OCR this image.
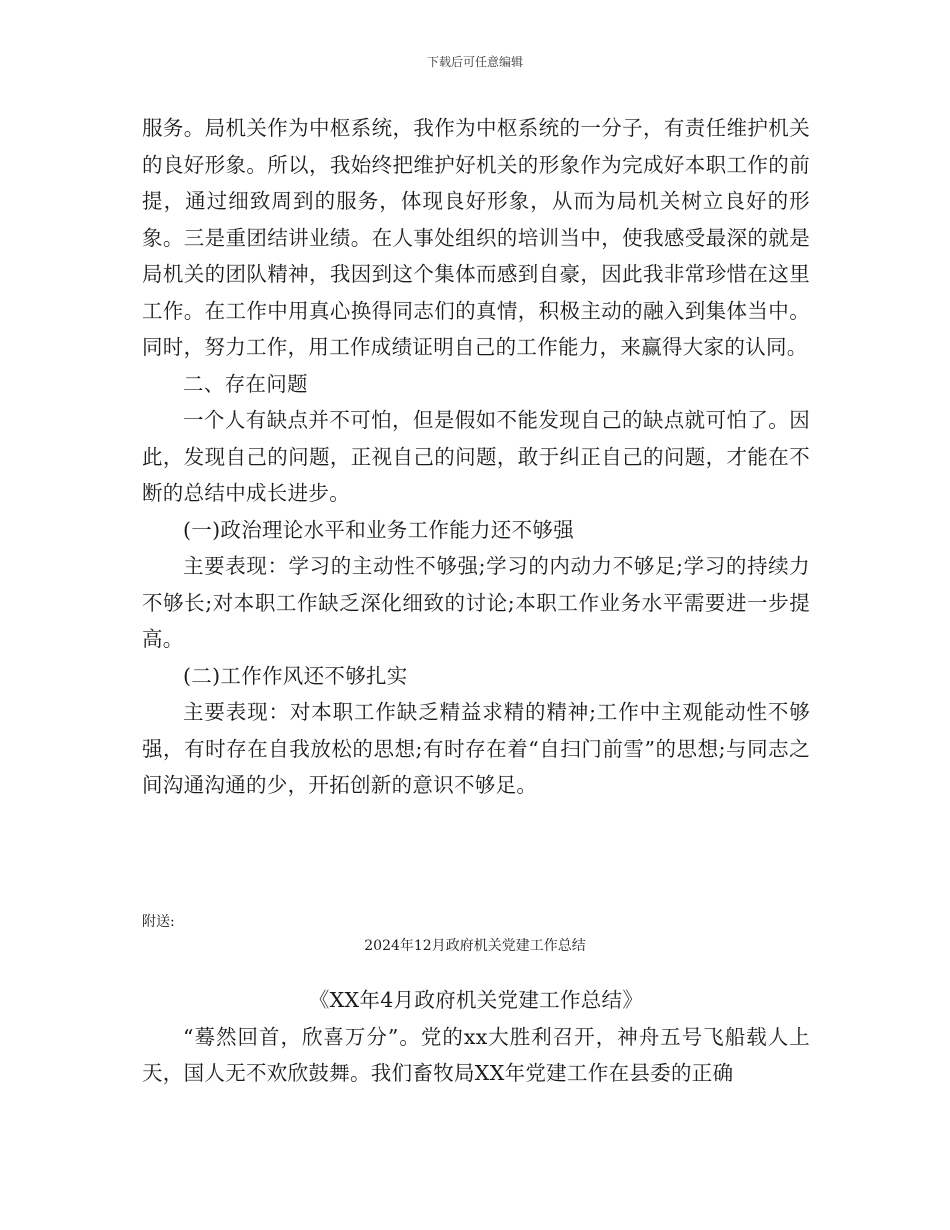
下载后可任意编辑

服务。局机关作为中枢系统，我作为中枢系统的一分子，有责任维护机关的良好形象。所以，我始终把维护好机关的形象作为完成好本职工作的前提，通过细致周到的服务，体现良好形象，从而为局机关树立良好的形象。三是重团结讲业绩。在人事处组织的培训当中，使我感受最深的就是局机关的团队精神，我因到这个集体而感到自豪，因此我非常珍惜在这里工作。在工作中用真心换得同志们的真情，积极主动的融入到集体当中。同时，努力工作，用工作成绩证明自己的工作能力，来赢得大家的认同。

二、存在问题

一个人有缺点并不可怕，但是假如不能发现自己的缺点就可怕了。因此，发现自己的问题，正视自己的问题，敢于纠正自己的问题，才能在不断的总结中成长进步。

(一)政治理论水平和业务工作能力还不够强

主要表现：学习的主动性不够强;学习的内动力不够足;学习的持续力不够长;对本职工作缺乏深化细致的讨论;本职工作业务水平需要进一步提高。

(二)工作作风还不够扎实

主要表现：对本职工作缺乏精益求精的精神;工作中主观能动性不够强，有时存在自我放松的思想;有时存在着“自扫门前雪”的思想;与同志之间沟通沟通的少，开拓创新的意识不够足。

附送:
2024年12月政府机关党建工作总结

《XX年4月政府机关党建工作总结》

“蓦然回首，欣喜万分”。党的xx大胜利召开，神舟五号飞船载人上天，国人无不欢欣鼓舞。我们畜牧局XX年党建工作在县委的正确
